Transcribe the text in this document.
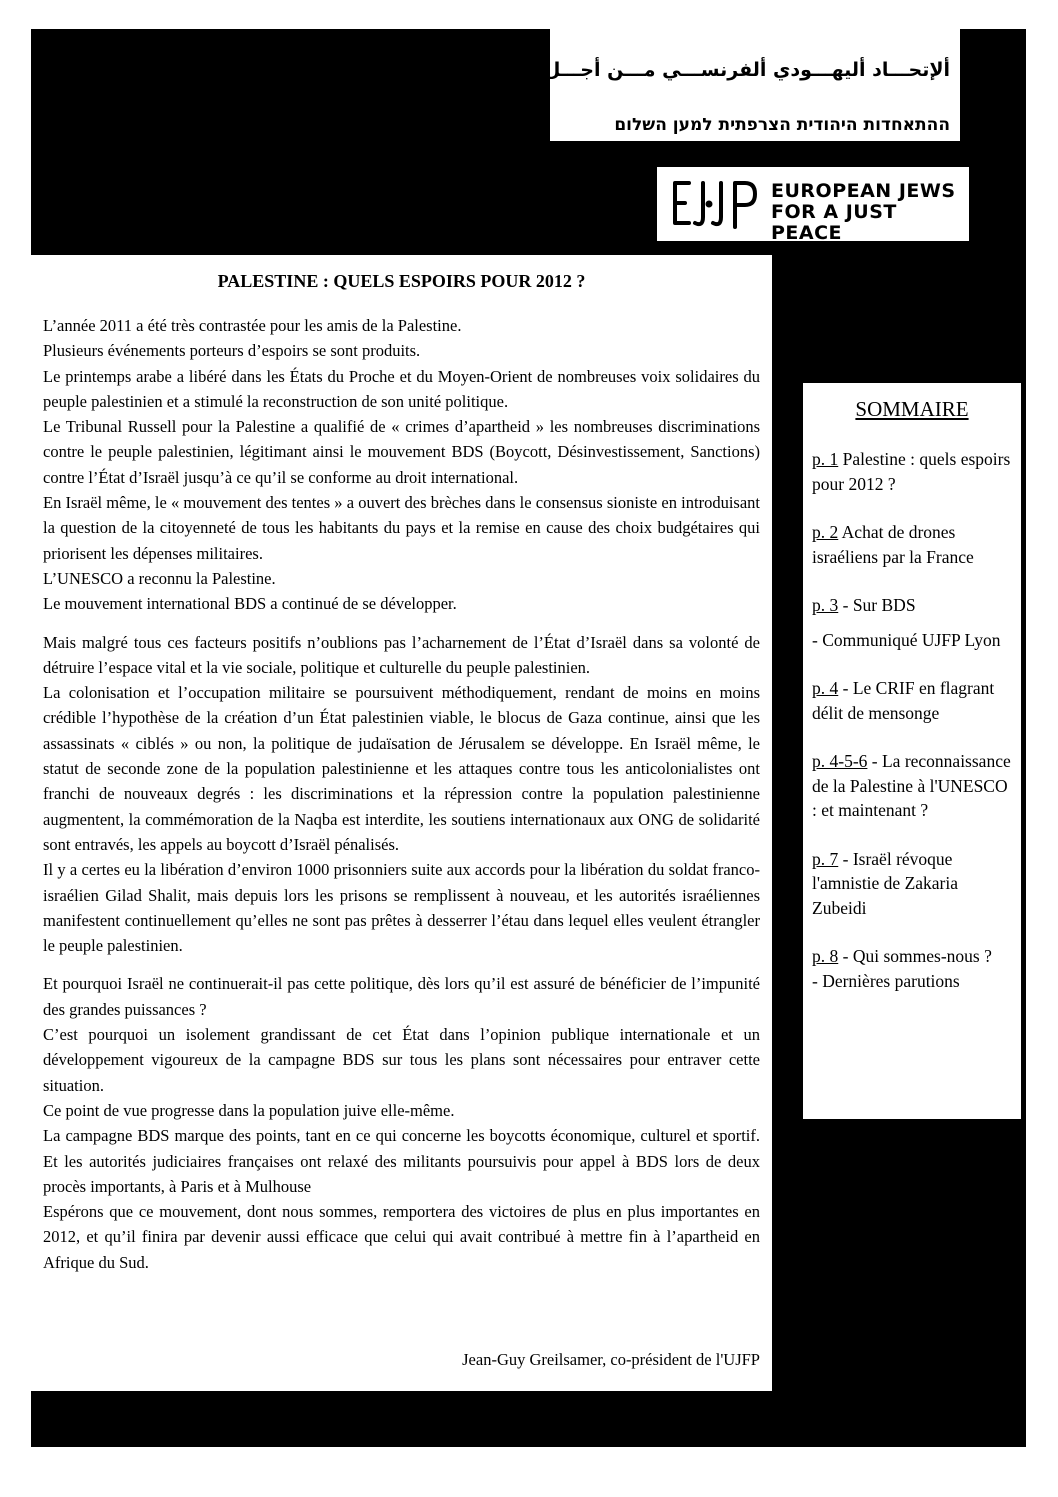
ألإتحـــاد أليهـــودي ألفرنســـي مـــن أجـــل الســـلام
ההתאחדות היהודית הצרפתית למען השלום
EUROPEAN JEWS
FOR A JUST PEACE
PALESTINE : QUELS ESPOIRS POUR 2012 ?

L’année 2011 a été très contrastée pour les amis de la Palestine.

Plusieurs événements porteurs d’espoirs se sont produits.

Le printemps arabe a libéré dans les États du Proche et du Moyen-Orient de nombreuses voix solidaires du peuple palestinien et a stimulé la reconstruction de son unité politique.

Le Tribunal Russell pour la Palestine a qualifié de « crimes d’apartheid » les nombreuses discriminations contre le peuple palestinien, légitimant ainsi le mouvement BDS (Boycott, Désinvestissement, Sanctions) contre l’État d’Israël jusqu’à ce qu’il se conforme au droit international.

En Israël même, le « mouvement des tentes » a ouvert des brèches dans le consensus sioniste en introduisant la question de la citoyenneté de tous les habitants du pays et la remise en cause des choix budgétaires qui priorisent les dépenses militaires.

L’UNESCO a reconnu la Palestine.

Le mouvement international BDS a continué de se développer.

Mais malgré tous ces facteurs positifs n’oublions pas l’acharnement de l’État d’Israël dans sa volonté de détruire l’espace vital et la vie sociale, politique et culturelle du peuple palestinien.

La colonisation et l’occupation militaire se poursuivent méthodiquement, rendant de moins en moins crédible l’hypothèse de la création d’un État palestinien viable, le blocus de Gaza continue, ainsi que les assassinats « ciblés » ou non, la politique de judaïsation de Jérusalem se développe. En Israël même, le statut de seconde zone de la population palestinienne et les attaques contre tous les anticolonialistes ont franchi de nouveaux degrés : les discriminations et la répression contre la population palestinienne augmentent, la commémoration de la Naqba est interdite, les soutiens internationaux aux ONG de solidarité sont entravés, les appels au boycott d’Israël pénalisés.

Il y a certes eu la libération d’environ 1000 prisonniers suite aux accords pour la libération du soldat franco-israélien Gilad Shalit, mais depuis lors les prisons se remplissent à nouveau, et les autorités israéliennes manifestent continuellement qu’elles ne sont pas prêtes à desserrer l’étau dans lequel elles veulent étrangler le peuple palestinien.

Et pourquoi Israël ne continuerait-il pas cette politique, dès lors qu’il est assuré de bénéficier de l’impunité des grandes puissances ?

C’est pourquoi un isolement grandissant de cet État dans l’opinion publique internationale et un développement vigoureux de la campagne BDS sur tous les plans sont nécessaires pour entraver cette situation.

Ce point de vue progresse dans la population juive elle-même.

La campagne BDS marque des points, tant en ce qui concerne les boycotts économique, culturel et sportif. Et les autorités judiciaires françaises ont relaxé des militants poursuivis pour appel à BDS lors de deux procès importants, à Paris et à Mulhouse

Espérons que ce mouvement, dont nous sommes, remportera des victoires de plus en plus importantes en 2012, et qu’il finira par devenir aussi efficace que celui qui avait contribué à mettre fin à l’apartheid en Afrique du Sud.

Jean-Guy Greilsamer, co-président de l'UJFP
SOMMAIRE
p. 1 Palestine : quels espoirs pour 2012 ?
p. 2 Achat de drones israéliens par la France
p. 3 - Sur BDS
- Communiqué UJFP Lyon
p. 4 - Le CRIF en flagrant délit de mensonge
p. 4-5-6 - La reconnaissance de la Palestine à l'UNESCO : et maintenant ?
p. 7 - Israël révoque l'amnistie de Zakaria Zubeidi
p. 8 - Qui sommes-nous ?
- Dernières parutions
